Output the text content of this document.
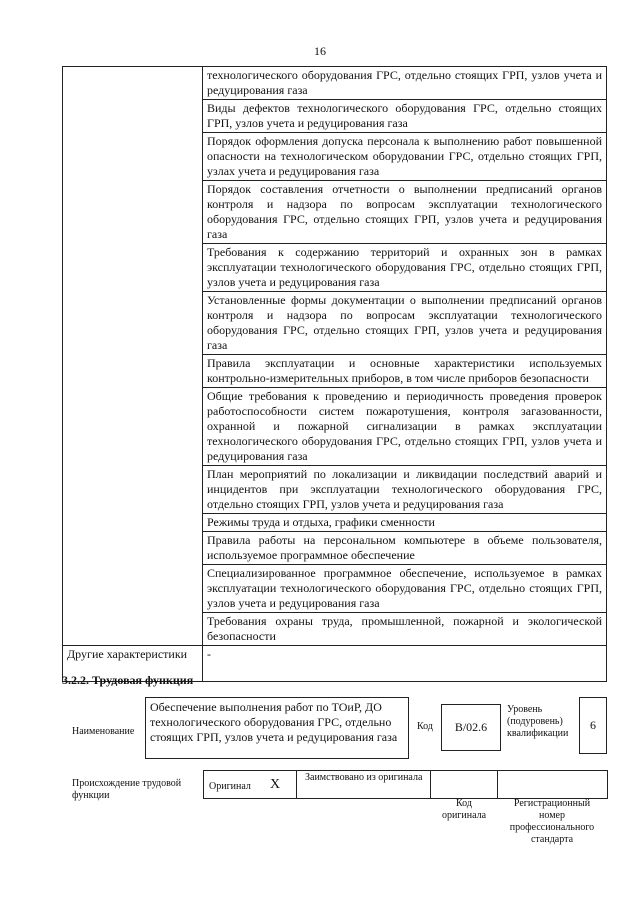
16
	технологического оборудования ГРС, отдельно стоящих ГРП, узлов учета и редуцирования газа
	Виды дефектов технологического оборудования ГРС, отдельно стоящих ГРП, узлов учета и редуцирования газа
	Порядок оформления допуска персонала к выполнению работ повышенной опасности на технологическом оборудовании ГРС, отдельно стоящих ГРП, узлах учета и редуцирования газа
	Порядок составления отчетности о выполнении предписаний органов контроля и надзора по вопросам эксплуатации технологического оборудования ГРС, отдельно стоящих ГРП, узлов учета и редуцирования газа
	Требования к содержанию территорий и охранных зон в рамках эксплуатации технологического оборудования ГРС, отдельно стоящих ГРП, узлов учета и редуцирования газа
	Установленные формы документации о выполнении предписаний органов контроля и надзора по вопросам эксплуатации технологического оборудования ГРС, отдельно стоящих ГРП, узлов учета и редуцирования газа
	Правила эксплуатации и основные характеристики используемых контрольно-измерительных приборов, в том числе приборов безопасности
	Общие требования к проведению и периодичность проведения проверок работоспособности систем пожаротушения, контроля загазованности, охранной и пожарной сигнализации в рамках эксплуатации технологического оборудования ГРС, отдельно стоящих ГРП, узлов учета и редуцирования газа
	План мероприятий по локализации и ликвидации последствий аварий и инцидентов при эксплуатации технологического оборудования ГРС, отдельно стоящих ГРП, узлов учета и редуцирования газа
	Режимы труда и отдыха, графики сменности
	Правила работы на персональном компьютере в объеме пользователя, используемое программное обеспечение
	Специализированное программное обеспечение, используемое в рамках эксплуатации технологического оборудования ГРС, отдельно стоящих ГРП, узлов учета и редуцирования газа
	Требования охраны труда, промышленной, пожарной и экологической безопасности
Другие характеристики	-
3.2.2. Трудовая функция
Наименование
Обеспечение выполнения работ по ТОиР, ДО технологического оборудования ГРС, отдельно стоящих ГРП, узлов учета и редуцирования газа
Код	В/02.6
Уровень (подуровень) квалификации
6
Происхождение трудовой функции
Оригинал X Заимствовано из оригинала
Код оригинала
Регистрационный номер профессионального стандарта
